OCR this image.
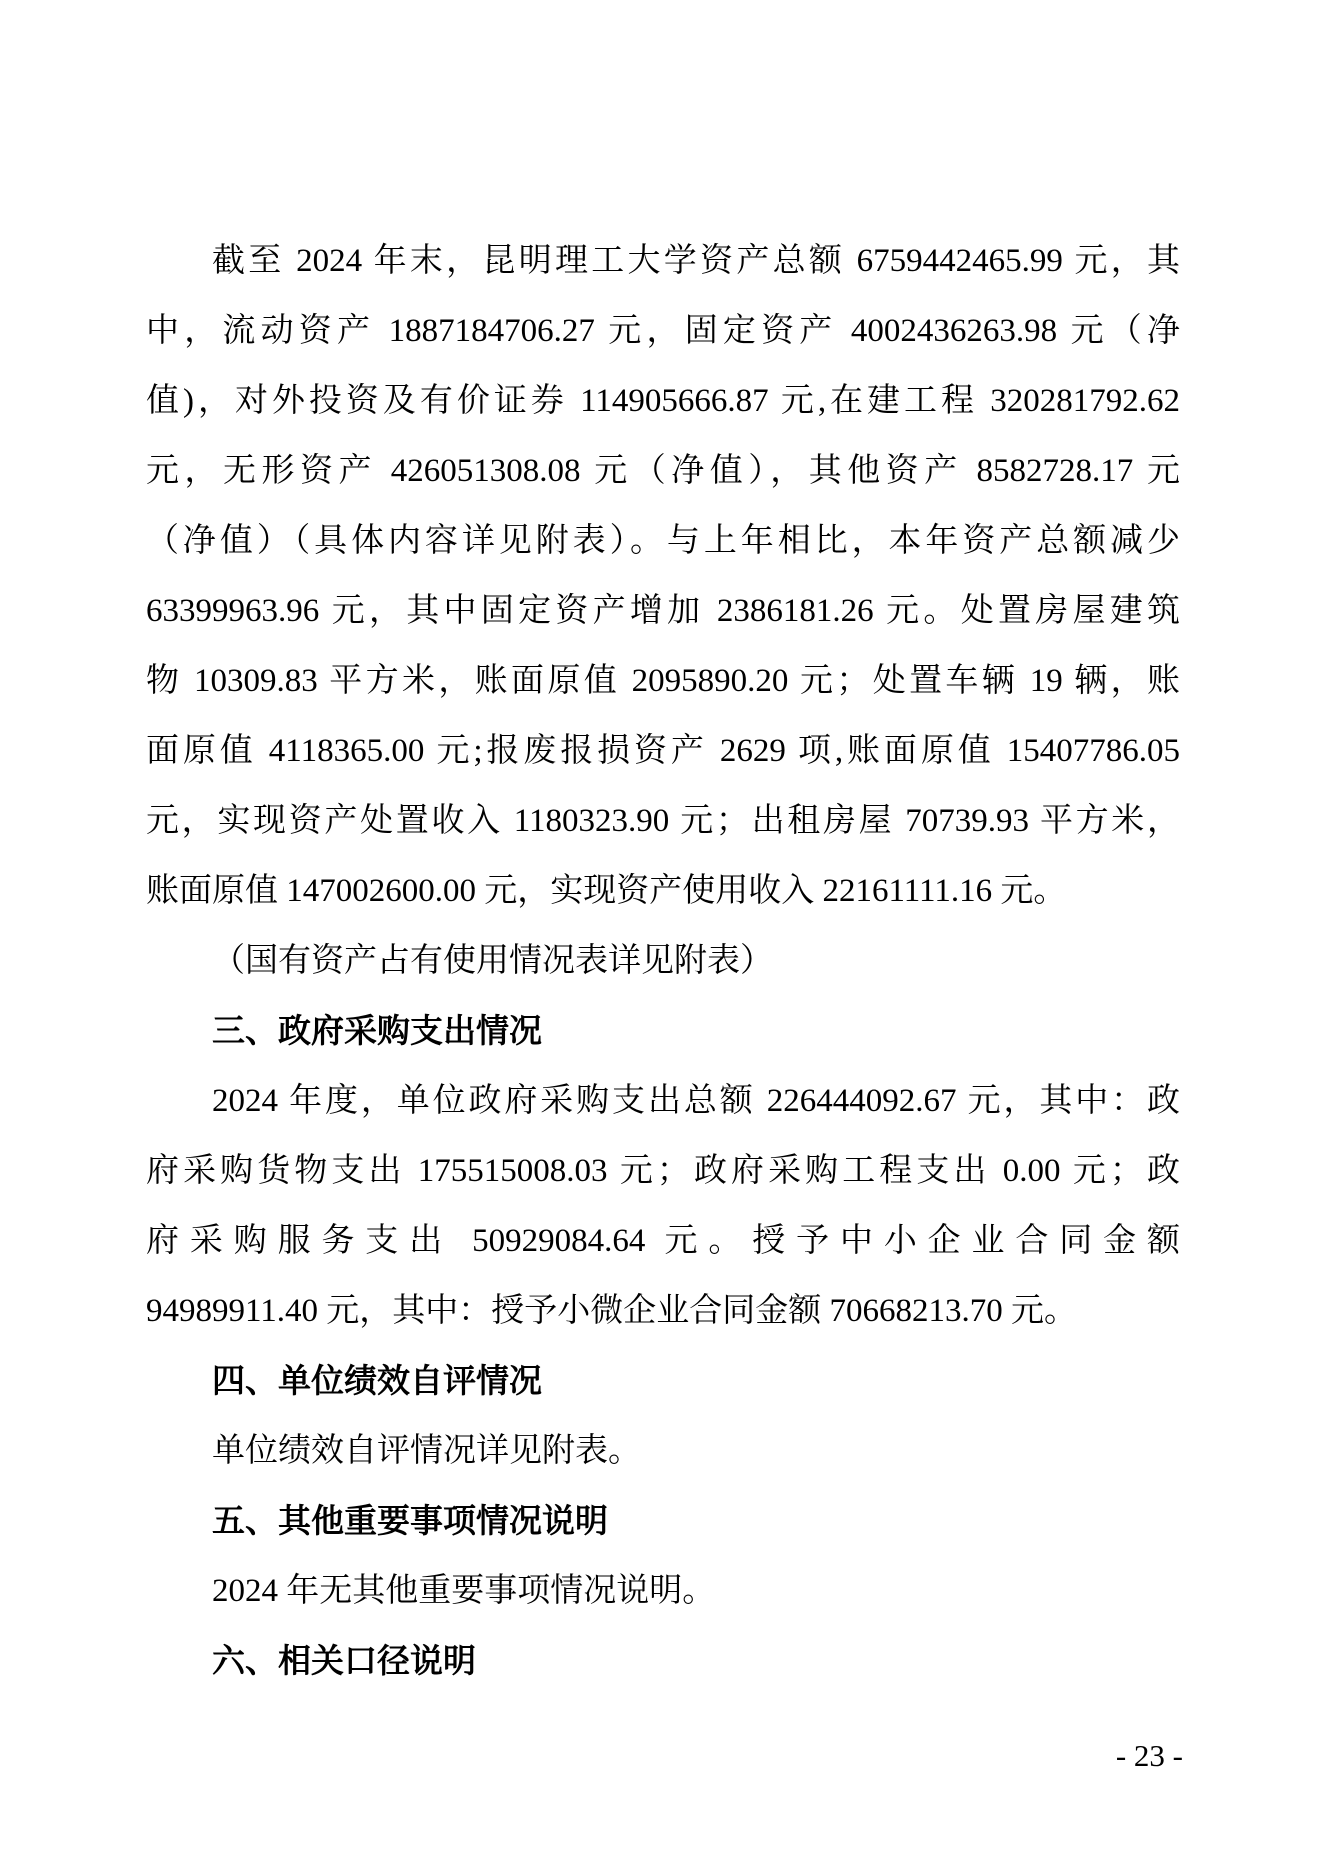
截至 2024 年末，昆明理工大学资产总额 6759442465.99 元，其
中，流动资产 1887184706.27 元，固定资产 4002436263.98 元（净
值)，对外投资及有价证券 114905666.87 元,在建工程 320281792.62
元，无形资产 426051308.08 元（净值），其他资产 8582728.17 元
（净值）（具体内容详见附表）。与上年相比，本年资产总额减少
63399963.96 元，其中固定资产增加 2386181.26 元。处置房屋建筑
物 10309.83 平方米，账面原值 2095890.20 元；处置车辆 19 辆，账
面原值 4118365.00 元;报废报损资产 2629 项,账面原值 15407786.05
元，实现资产处置收入 1180323.90 元；出租房屋 70739.93 平方米，
账面原值 147002600.00 元，实现资产使用收入 22161111.16 元。
（国有资产占有使用情况表详见附表）
三、政府采购支出情况
2024 年度，单位政府采购支出总额 226444092.67 元，其中：政
府采购货物支出 175515008.03 元；政府采购工程支出 0.00 元；政
府采购服务支出 50929084.64 元。授予中小企业合同金额
94989911.40 元，其中：授予小微企业合同金额 70668213.70 元。
四、单位绩效自评情况
单位绩效自评情况详见附表。
五、其他重要事项情况说明
2024 年无其他重要事项情况说明。
六、相关口径说明
- 23 -
